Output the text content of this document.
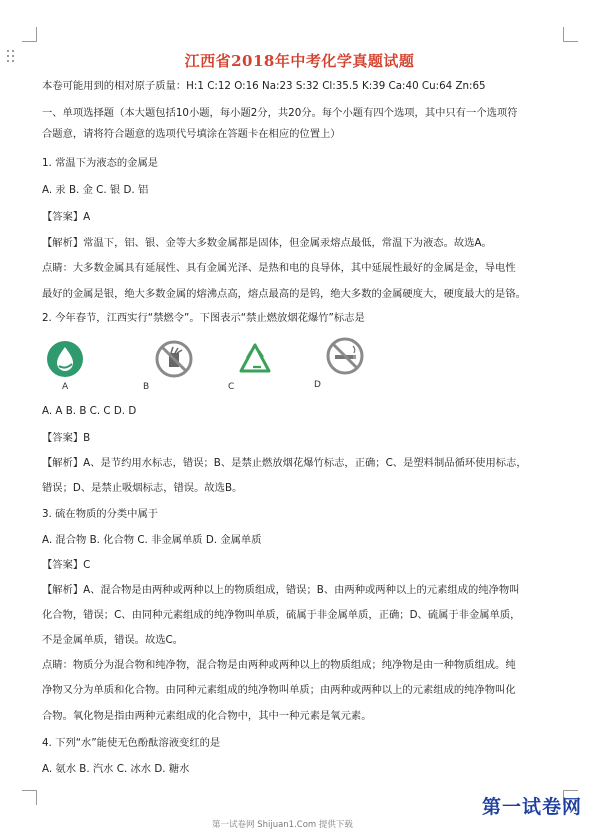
江西省2018年中考化学真题试题
本卷可能用到的相对原子质量：H:1 C:12 O:16 Na:23 S:32 Cl:35.5 K:39 Ca:40 Cu:64 Zn:65
一、单项选择题（本大题包括10小题，每小题2分，共20分。每个小题有四个选项，其中只有一个选项符
合题意，请将符合题意的选项代号填涂在答题卡在相应的位置上）
1. 常温下为液态的金属是
A. 汞 B. 金 C. 银 D. 铝
【答案】A
【解析】常温下，铝、银、金等大多数金属都是固体，但金属汞熔点最低，常温下为液态。故选A。
点睛：大多数金属具有延展性、具有金属光泽、是热和电的良导体，其中延展性最好的金属是金，导电性
最好的金属是银，绝大多数金属的熔沸点高，熔点最高的是钨，绝大多数的金属硬度大，硬度最大的是铬。
2. 今年春节，江西实行“禁燃令”。下图表示“禁止燃放烟花爆竹”标志是
A	B	C	D
A. A B. B C. C D. D
【答案】B
【解析】A、是节约用水标志，错误；B、是禁止燃放烟花爆竹标志，正确；C、是塑料制品循环使用标志，
错误；D、是禁止吸烟标志，错误。故选B。
3. 硫在物质的分类中属于
A. 混合物 B. 化合物 C. 非金属单质 D. 金属单质
【答案】C
【解析】A、混合物是由两种或两种以上的物质组成，错误；B、由两种或两种以上的元素组成的纯净物叫
化合物，错误；C、由同种元素组成的纯净物叫单质，硫属于非金属单质，正确；D、硫属于非金属单质，
不是金属单质，错误。故选C。
点睛：物质分为混合物和纯净物，混合物是由两种或两种以上的物质组成；纯净物是由一种物质组成。纯
净物又分为单质和化合物。由同种元素组成的纯净物叫单质；由两种或两种以上的元素组成的纯净物叫化
合物。氧化物是指由两种元素组成的化合物中，其中一种元素是氧元素。
4. 下列“水”能使无色酚酞溶液变红的是
A. 氨水 B. 汽水 C. 冰水 D. 糖水
第一试卷网
第一试卷网 Shijuan1.Com 提供下载
